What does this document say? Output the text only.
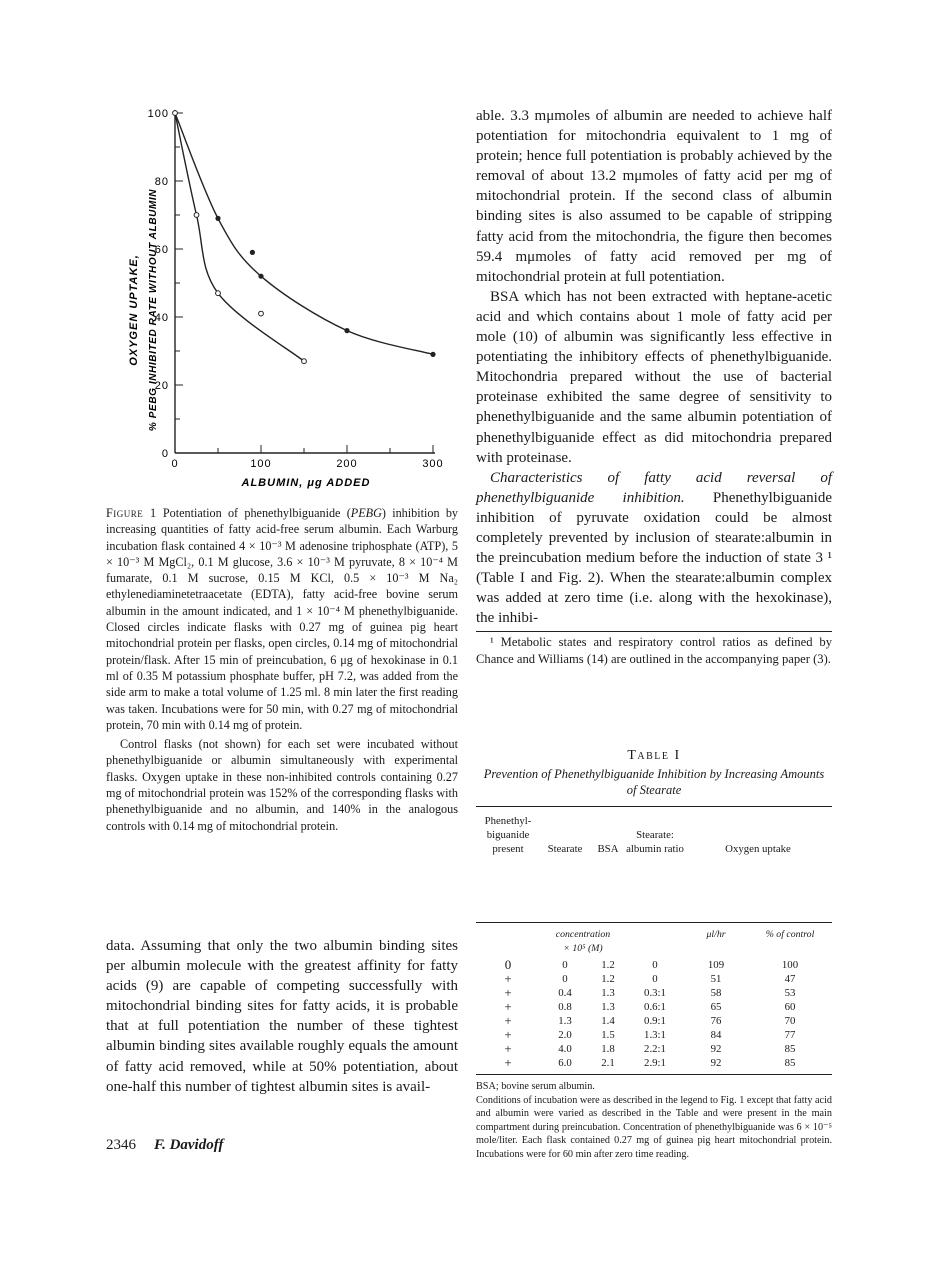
100
80
60
40
20
0
0	100	200	300
OXYGEN UPTAKE, % PEBG INHIBITED RATE WITHOUT ALBUMIN
ALBUMIN, μg ADDED

Figure 1 Potentiation of phenethylbiguanide (PEBG) inhibition by increasing quantities of fatty acid-free serum albumin. Each Warburg incubation flask contained 4 × 10⁻³ M adenosine triphosphate (ATP), 5 × 10⁻³ M MgCl₂, 0.1 M glucose, 3.6 × 10⁻³ M pyruvate, 8 × 10⁻⁴ M fumarate, 0.1 M sucrose, 0.15 M KCl, 0.5 × 10⁻³ M Na₂ ethylenediaminetetraacetate (EDTA), fatty acid-free bovine serum albumin in the amount indicated, and 1 × 10⁻⁴ M phenethylbiguanide. Closed circles indicate flasks with 0.27 mg of guinea pig heart mitochondrial protein per flasks, open circles, 0.14 mg of mitochondrial protein/flask. After 15 min of preincubation, 6 μg of hexokinase in 0.1 ml of 0.35 M potassium phosphate buffer, pH 7.2, was added from the side arm to make a total volume of 1.25 ml. 8 min later the first reading was taken. Incubations were for 50 min, with 0.27 mg of mitochondrial protein, 70 min with 0.14 mg of protein.

Control flasks (not shown) for each set were incubated without phenethylbiguanide or albumin simultaneously with experimental flasks. Oxygen uptake in these non-inhibited controls containing 0.27 mg of mitochondrial protein was 152% of the corresponding flasks with phenethylbiguanide and no albumin, and 140% in the analogous controls with 0.14 mg of mitochondrial protein.

data. Assuming that only the two albumin binding sites per albumin molecule with the greatest affinity for fatty acids (9) are capable of competing successfully with mitochondrial binding sites for fatty acids, it is probable that at full potentiation the number of these tightest albumin binding sites available roughly equals the amount of fatty acid removed, while at 50% potentiation, about one-half this number of tightest albumin sites is avail-

able. 3.3 mμmoles of albumin are needed to achieve half potentiation for mitochondria equivalent to 1 mg of protein; hence full potentiation is probably achieved by the removal of about 13.2 mμmoles of fatty acid per mg of mitochondrial protein. If the second class of albumin binding sites is also assumed to be capable of stripping fatty acid from the mitochondria, the figure then becomes 59.4 mμmoles of fatty acid removed per mg of mitochondrial protein at full potentiation.

BSA which has not been extracted with heptane-acetic acid and which contains about 1 mole of fatty acid per mole (10) of albumin was significantly less effective in potentiating the inhibitory effects of phenethylbiguanide. Mitochondria prepared without the use of bacterial proteinase exhibited the same degree of sensitivity to phenethylbiguanide and the same albumin potentiation of phenethylbiguanide effect as did mitochondria prepared with proteinase.

Characteristics of fatty acid reversal of phenethylbiguanide inhibition. Phenethylbiguanide inhibition of pyruvate oxidation could be almost completely prevented by inclusion of stearate:albumin in the preincubation medium before the induction of state 3 ¹ (Table I and Fig. 2). When the stearate:albumin complex was added at zero time (i.e. along with the hexokinase), the inhibi-

¹ Metabolic states and respiratory control ratios as defined by Chance and Williams (14) are outlined in the accompanying paper (3).

Table I
Prevention of Phenethylbiguanide Inhibition by Increasing Amounts of Stearate
Phenethyl-biguanide present	Stearate	BSA	Stearate: albumin ratio	Oxygen uptake
	concentration
× 10⁵ (M)		μl/hr	% of control
0	0	1.2	0	109	100
+	0	1.2	0	51	47
+	0.4	1.3	0.3:1	58	53
+	0.8	1.3	0.6:1	65	60
+	1.3	1.4	0.9:1	76	70
+	2.0	1.5	1.3:1	84	77
+	4.0	1.8	2.2:1	92	85
+	6.0	2.1	2.9:1	92	85

BSA; bovine serum albumin.

Conditions of incubation were as described in the legend to Fig. 1 except that fatty acid and albumin were varied as described in the Table and were present in the main compartment during preincubation. Concentration of phenethylbiguanide was 6 × 10⁻⁵ mole/liter. Each flask contained 0.27 mg of guinea pig heart mitochondrial protein. Incubations were for 60 min after zero time reading.

2346 F. Davidoff
